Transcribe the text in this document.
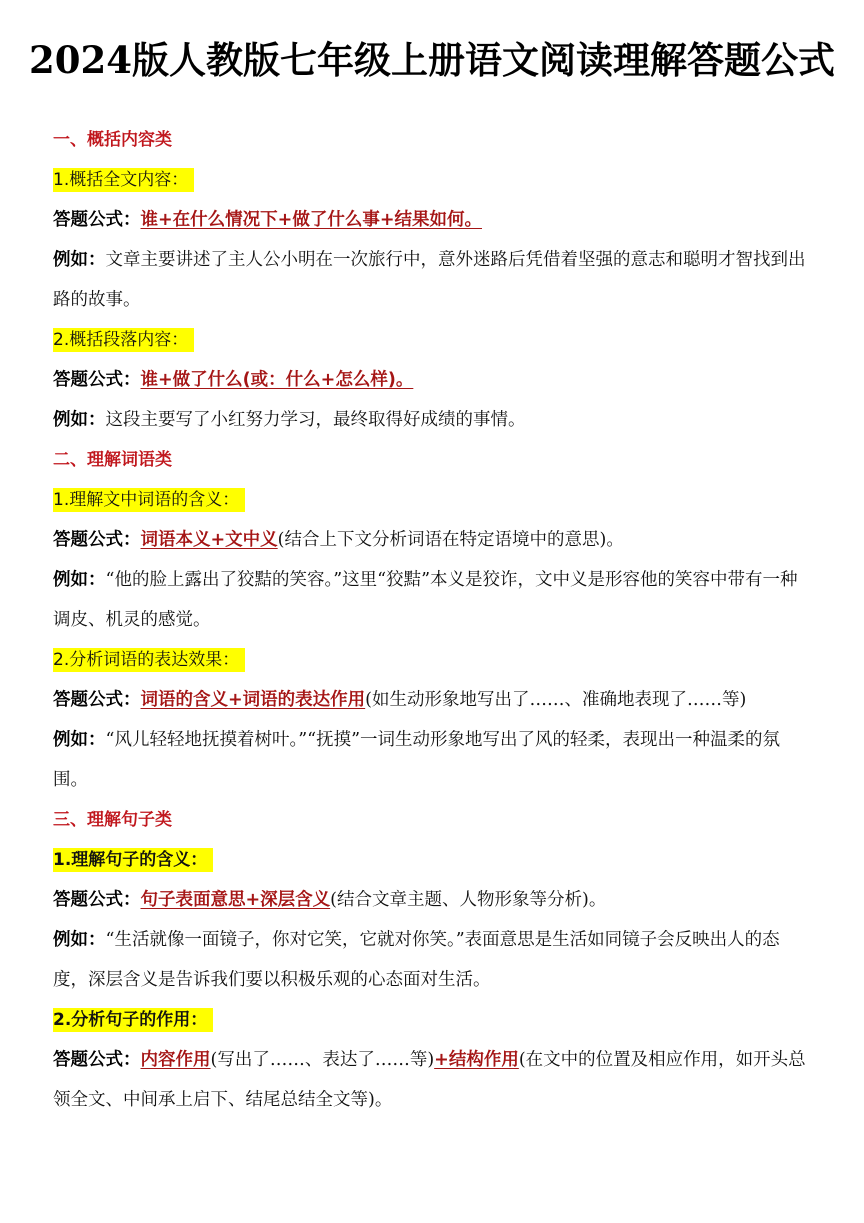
2024版人教版七年级上册语文阅读理解答题公式
一、概括内容类
1.概括全文内容：
答题公式：谁+在什么情况下+做了什么事+结果如何。
例如：文章主要讲述了主人公小明在一次旅行中，意外迷路后凭借着坚强的意志和聪明才智找到出路的故事。
2.概括段落内容：
答题公式：谁+做了什么(或：什么+怎么样)。
例如：这段主要写了小红努力学习，最终取得好成绩的事情。
二、理解词语类
1.理解文中词语的含义：
答题公式：词语本义+文中义(结合上下文分析词语在特定语境中的意思)。
例如：“他的脸上露出了狡黠的笑容。”这里“狡黠”本义是狡诈，文中义是形容他的笑容中带有一种调皮、机灵的感觉。
2.分析词语的表达效果：
答题公式：词语的含义+词语的表达作用(如生动形象地写出了……、准确地表现了……等)
例如：“风儿轻轻地抚摸着树叶。”“抚摸”一词生动形象地写出了风的轻柔，表现出一种温柔的氛围。
三、理解句子类
1.理解句子的含义：
答题公式：句子表面意思+深层含义(结合文章主题、人物形象等分析)。
例如：“生活就像一面镜子，你对它笑，它就对你笑。”表面意思是生活如同镜子会反映出人的态度，深层含义是告诉我们要以积极乐观的心态面对生活。
2.分析句子的作用：
答题公式：内容作用(写出了……、表达了……等)+结构作用(在文中的位置及相应作用，如开头总领全文、中间承上启下、结尾总结全文等)。
